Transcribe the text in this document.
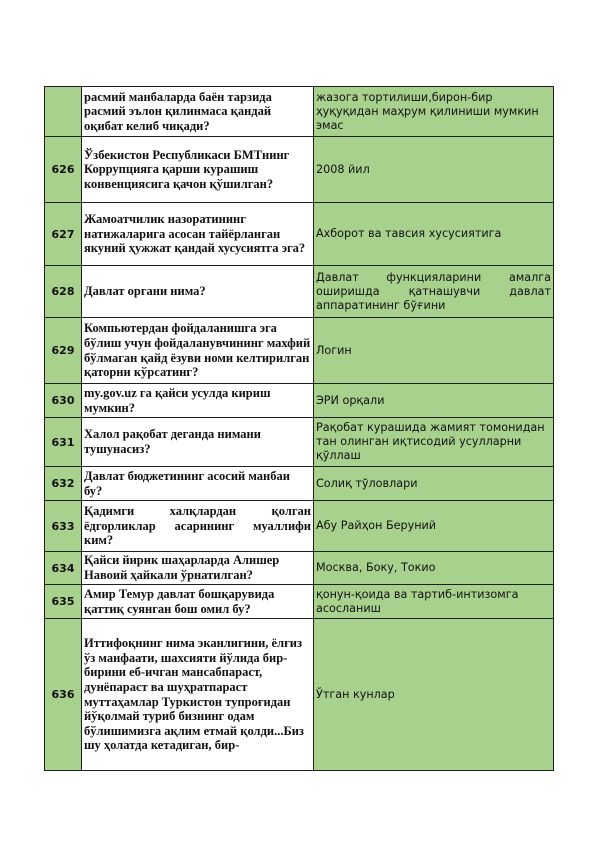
	расмий манбаларда баён тарзида расмий эълон қилинмаса қандай оқибат келиб чиқади?	жазога тортилиши,бирон-бир ҳуқуқидан маҳрум қилиниши мумкин эмас
626	Ўзбекистон Республикаси БМТнинг Коррупцияга қарши курашиш конвенциясига қачон қўшилган?	2008 йил
627	Жамоатчилик назоратининг натижаларига асосан тайёрланган якуний ҳужжат қандай хусусиятга эга?	Ахборот ва тавсия хусусиятига
628	Давлат органи нима?	Давлат функцияларини амалга оширишда қатнашувчи давлат аппаратининг бўғини
629	Компьютердан фойдаланишга эга бўлиш учун фойдаланувчининг махфий бўлмаган қайд ёзуви номи келтирилган қаторни кўрсатинг?	Логин
630	my.gov.uz га қайси усулда кириш мумкин?	ЭРИ орқали
631	Халол рақобат деганда нимани тушунасиз?	Рақобат курашида жамият томонидан тан олинган иқтисодий усулларни қўллаш
632	Давлат бюджетининг асосий манбаи бу?	Солиқ тўловлари
633	Қадимги халқлардан қолган ёдгорликлар асарининг муаллифи ким?	Абу Райҳон Беруний
634	Қайси йирик шаҳарларда Алишер Навоий ҳайкали ўрнатилган?	Москва, Боку, Токио
635	Амир Темур давлат бошқарувида қаттиқ суянган бош омил бу?	қонун-қоида ва тартиб-интизомга асосланиш
636	Иттифоқнинг нима эканлигини, ёлғиз ўз манфаати, шахсияти йўлида бир-бирини еб-ичган мансабпараст, дунёпараст ва шуҳратпараст муттаҳамлар Туркистон тупроғидан йўқолмай туриб бизнинг одам бўлишимизга ақлим етмай қолди...Биз шу ҳолатда кетадиган, бир-	Ўтган кунлар
